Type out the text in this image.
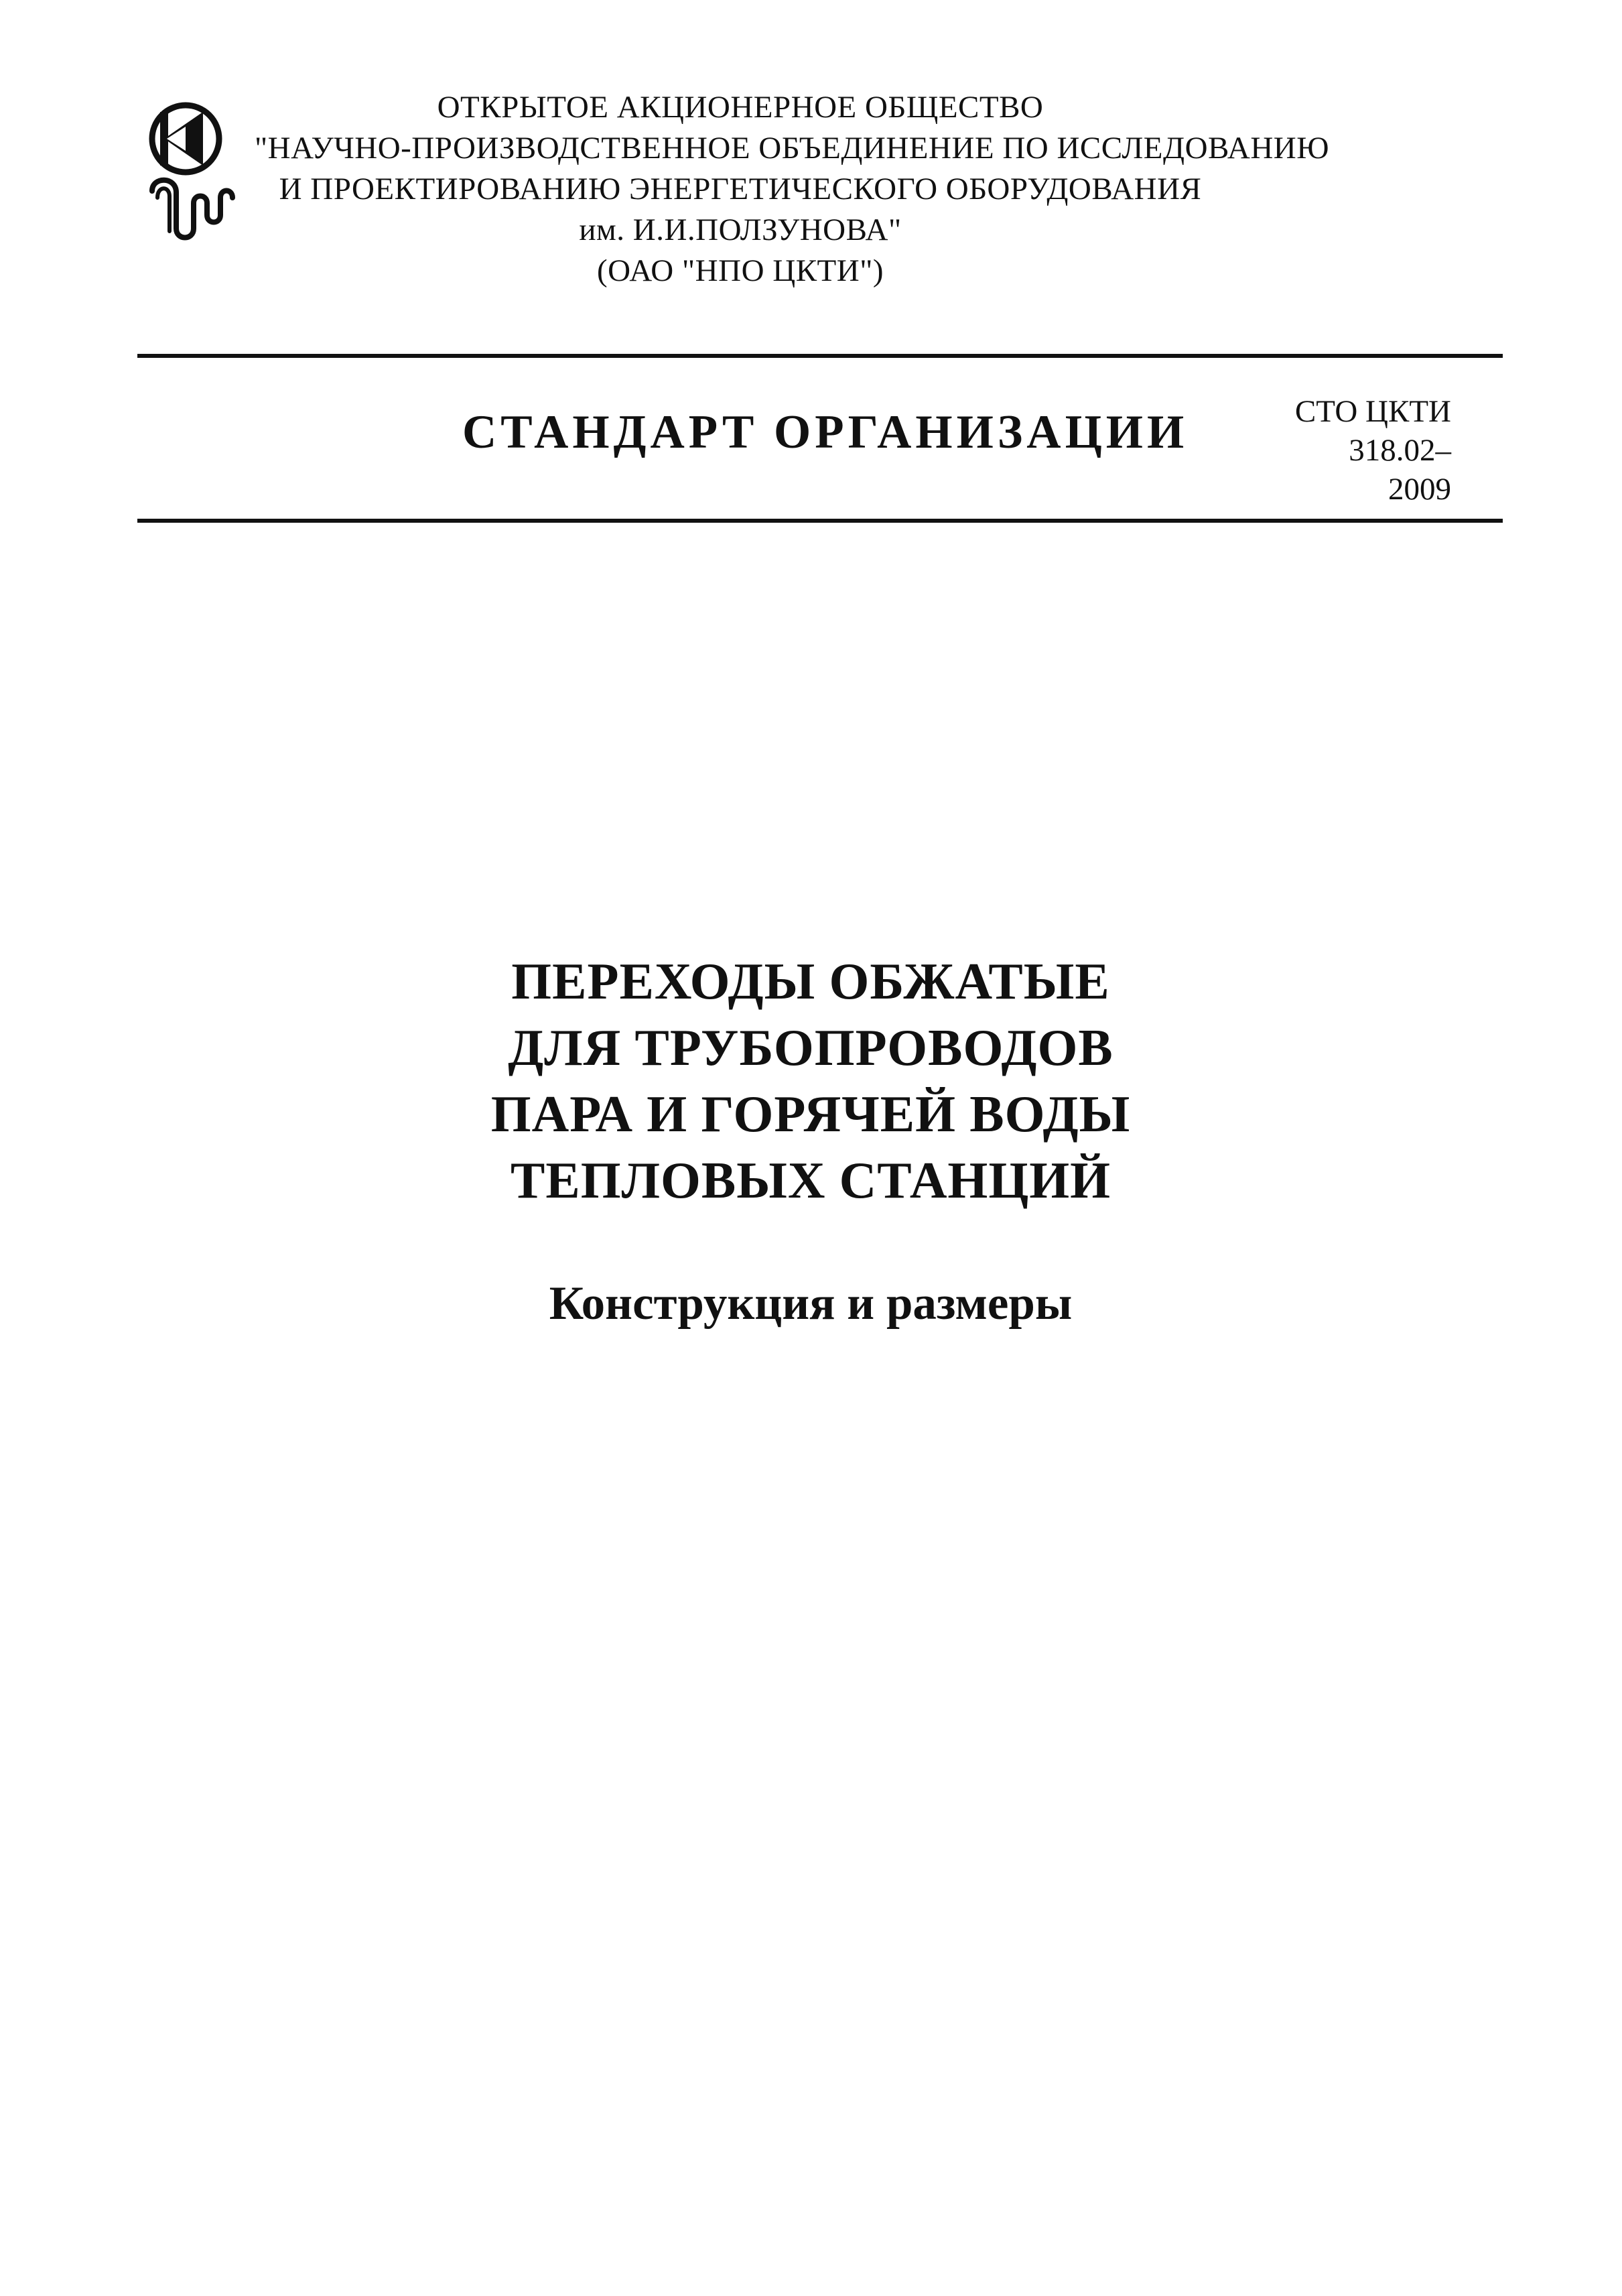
ОТКРЫТОЕ АКЦИОНЕРНОЕ ОБЩЕСТВО
"НАУЧНО-ПРОИЗВОДСТВЕННОЕ ОБЪЕДИНЕНИЕ ПО ИССЛЕДОВАНИЮ
И ПРОЕКТИРОВАНИЮ ЭНЕРГЕТИЧЕСКОГО ОБОРУДОВАНИЯ
им. И.И.ПОЛЗУНОВА"
(ОАО "НПО ЦКТИ")
СТАНДАРТ ОРГАНИЗАЦИИ	СТО ЦКТИ
318.02–
2009
ПЕРЕХОДЫ ОБЖАТЫЕ
ДЛЯ ТРУБОПРОВОДОВ
ПАРА И ГОРЯЧЕЙ ВОДЫ
ТЕПЛОВЫХ СТАНЦИЙ
Конструкция и размеры
